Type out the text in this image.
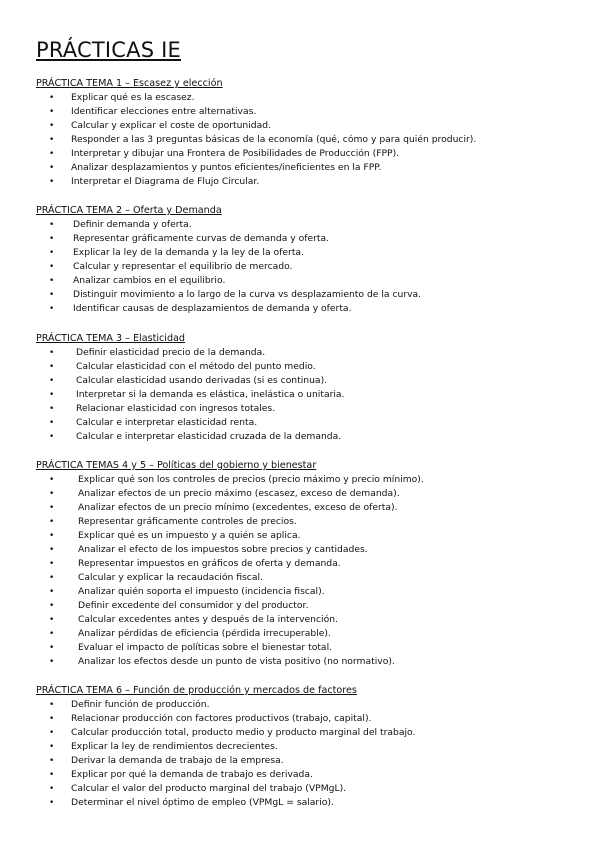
PRÁCTICAS IE
PRÁCTICA TEMA 1 – Escasez y elección
• Explicar qué es la escasez.
• Identificar elecciones entre alternativas.
• Calcular y explicar el coste de oportunidad.
• Responder a las 3 preguntas básicas de la economía (qué, cómo y para quién producir).
• Interpretar y dibujar una Frontera de Posibilidades de Producción (FPP).
• Analizar desplazamientos y puntos eficientes/ineficientes en la FPP.
• Interpretar el Diagrama de Flujo Circular.
PRÁCTICA TEMA 2 – Oferta y Demanda
• Definir demanda y oferta.
• Representar gráficamente curvas de demanda y oferta.
• Explicar la ley de la demanda y la ley de la oferta.
• Calcular y representar el equilibrio de mercado.
• Analizar cambios en el equilibrio.
• Distinguir movimiento a lo largo de la curva vs desplazamiento de la curva.
• Identificar causas de desplazamientos de demanda y oferta.
PRÁCTICA TEMA 3 – Elasticidad
• Definir elasticidad precio de la demanda.
• Calcular elasticidad con el método del punto medio.
• Calcular elasticidad usando derivadas (si es continua).
• Interpretar si la demanda es elástica, inelástica o unitaria.
• Relacionar elasticidad con ingresos totales.
• Calcular e interpretar elasticidad renta.
• Calcular e interpretar elasticidad cruzada de la demanda.
PRÁCTICA TEMAS 4 y 5 – Políticas del gobierno y bienestar
•	Explicar qué son los controles de precios (precio máximo y precio mínimo).
•	Analizar efectos de un precio máximo (escasez, exceso de demanda).
•	Analizar efectos de un precio mínimo (excedentes, exceso de oferta).
•	Representar gráficamente controles de precios.
•	Explicar qué es un impuesto y a quién se aplica.
•	Analizar el efecto de los impuestos sobre precios y cantidades.
•	Representar impuestos en gráficos de oferta y demanda.
•	Calcular y explicar la recaudación fiscal.
•	Analizar quién soporta el impuesto (incidencia fiscal).
•	Definir excedente del consumidor y del productor.
•	Calcular excedentes antes y después de la intervención.
•	Analizar pérdidas de eficiencia (pérdida irrecuperable).
•	Evaluar el impacto de políticas sobre el bienestar total.
•	Analizar los efectos desde un punto de vista positivo (no normativo).
PRÁCTICA TEMA 6 – Función de producción y mercados de factores
• Definir función de producción.
• Relacionar producción con factores productivos (trabajo, capital).
• Calcular producción total, producto medio y producto marginal del trabajo.
• Explicar la ley de rendimientos decrecientes.
• Derivar la demanda de trabajo de la empresa.
• Explicar por qué la demanda de trabajo es derivada.
• Calcular el valor del producto marginal del trabajo (VPMgL).
• Determinar el nivel óptimo de empleo (VPMgL = salario).
